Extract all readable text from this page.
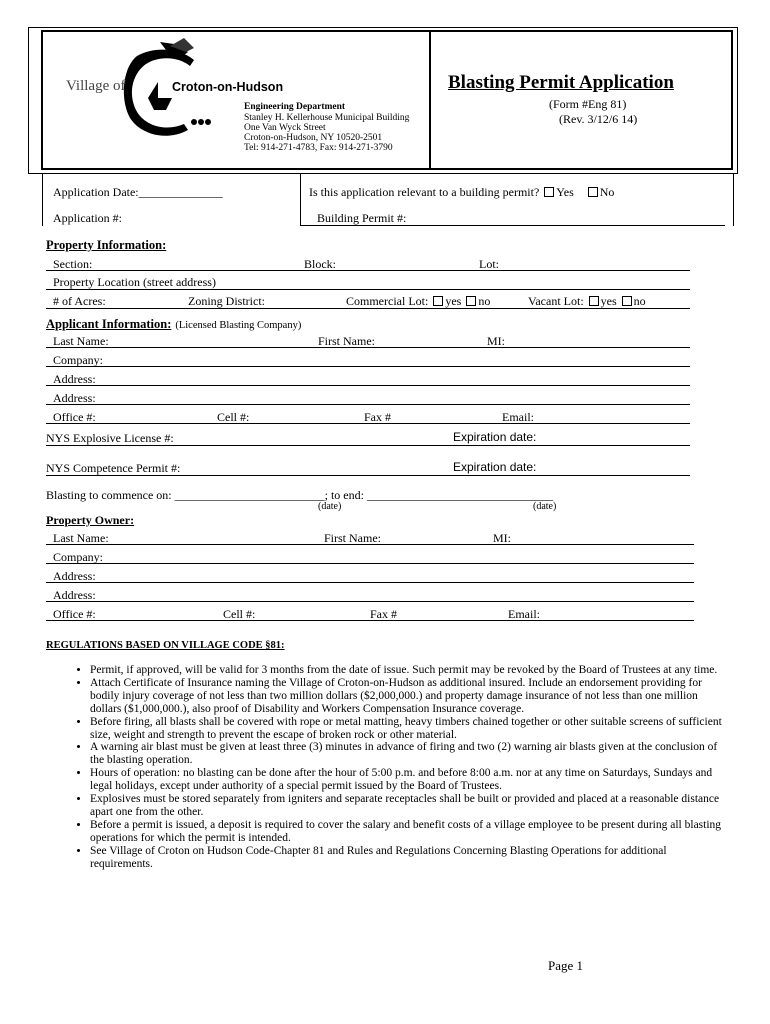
Village of	Croton-on-Hudson
Engineering Department
Stanley H. Kellerhouse Municipal Building
One Van Wyck Street
Croton-on-Hudson, NY 10520-2501
Tel: 914-271-4783, Fax: 914-271-3790
Blasting Permit Application
(Form #Eng 81)
(Rev. 3/12/6 14)
Application Date:______________
Application #:
Is this application relevant to a building permit? Yes No
Building Permit #:
Property Information:
Section:	Block:	Lot:
Property Location (street address)
# of Acres:	Zoning District:	Commercial Lot: yes no	Vacant Lot: yes no
Applicant Information: (Licensed Blasting Company)
Last Name:	First Name:	MI:
Company:
Address:
Address:
Office #:	Cell #:	Fax #	Email:
NYS Explosive License #:	Expiration date:
NYS Competence Permit #:	Expiration date:
Blasting to commence on: _________________________; to end: _______________________________
(date)	(date)
Property Owner:
Last Name:	First Name:	MI:
Company:
Address:
Address:
Office #:	Cell #:	Fax #	Email:
REGULATIONS BASED ON VILLAGE CODE §81:
• Permit, if approved, will be valid for 3 months from the date of issue. Such permit may be revoked by the Board of Trustees at any time.
• Attach Certificate of Insurance naming the Village of Croton-on-Hudson as additional insured. Include an endorsement providing for bodily injury coverage of not less than two million dollars ($2,000,000.) and property damage insurance of not less than one million dollars ($1,000,000.), also proof of Disability and Workers Compensation Insurance coverage.
• Before firing, all blasts shall be covered with rope or metal matting, heavy timbers chained together or other suitable screens of sufficient size, weight and strength to prevent the escape of broken rock or other material.
• A warning air blast must be given at least three (3) minutes in advance of firing and two (2) warning air blasts given at the conclusion of the blasting operation.
• Hours of operation: no blasting can be done after the hour of 5:00 p.m. and before 8:00 a.m. nor at any time on Saturdays, Sundays and legal holidays, except under authority of a special permit issued by the Board of Trustees.
• Explosives must be stored separately from igniters and separate receptacles shall be built or provided and placed at a reasonable distance apart one from the other.
• Before a permit is issued, a deposit is required to cover the salary and benefit costs of a village employee to be present during all blasting operations for which the permit is intended.
• See Village of Croton on Hudson Code-Chapter 81 and Rules and Regulations Concerning Blasting Operations for additional requirements.
Page 1
